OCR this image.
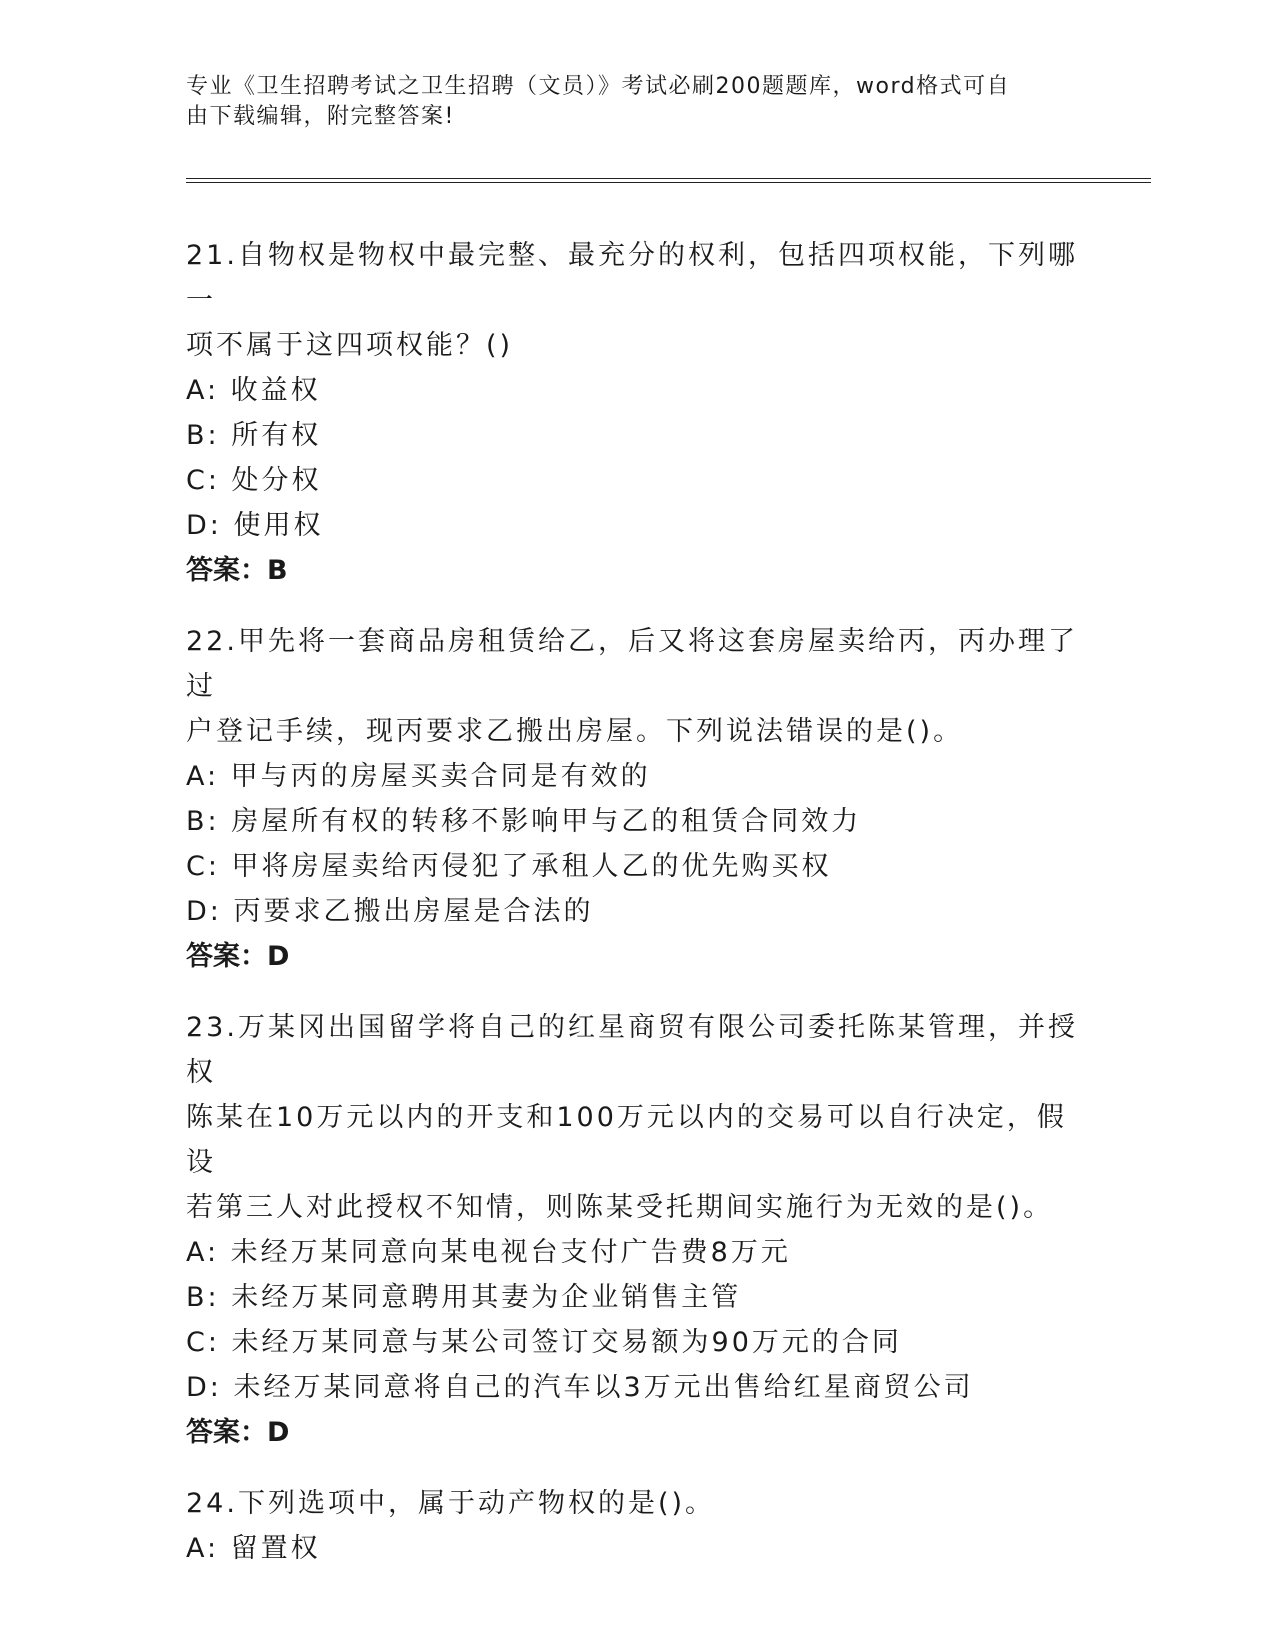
专业《卫生招聘考试之卫生招聘（文员）》考试必刷200题题库，word格式可自
由下载编辑，附完整答案!
21.自物权是物权中最完整、最充分的权利，包括四项权能，下列哪一
项不属于这四项权能？()
A: 收益权
B: 所有权
C: 处分权
D: 使用权
答案：B
22.甲先将一套商品房租赁给乙，后又将这套房屋卖给丙，丙办理了过
户登记手续，现丙要求乙搬出房屋。下列说法错误的是()。
A: 甲与丙的房屋买卖合同是有效的
B: 房屋所有权的转移不影响甲与乙的租赁合同效力
C: 甲将房屋卖给丙侵犯了承租人乙的优先购买权
D: 丙要求乙搬出房屋是合法的
答案：D
23.万某冈出国留学将自己的红星商贸有限公司委托陈某管理，并授权
陈某在10万元以内的开支和100万元以内的交易可以自行决定，假设
若第三人对此授权不知情，则陈某受托期间实施行为无效的是()。
A: 未经万某同意向某电视台支付广告费8万元
B: 未经万某同意聘用其妻为企业销售主管
C: 未经万某同意与某公司签订交易额为90万元的合同
D: 未经万某同意将自己的汽车以3万元出售给红星商贸公司
答案：D
24.下列选项中，属于动产物权的是()。
A: 留置权
